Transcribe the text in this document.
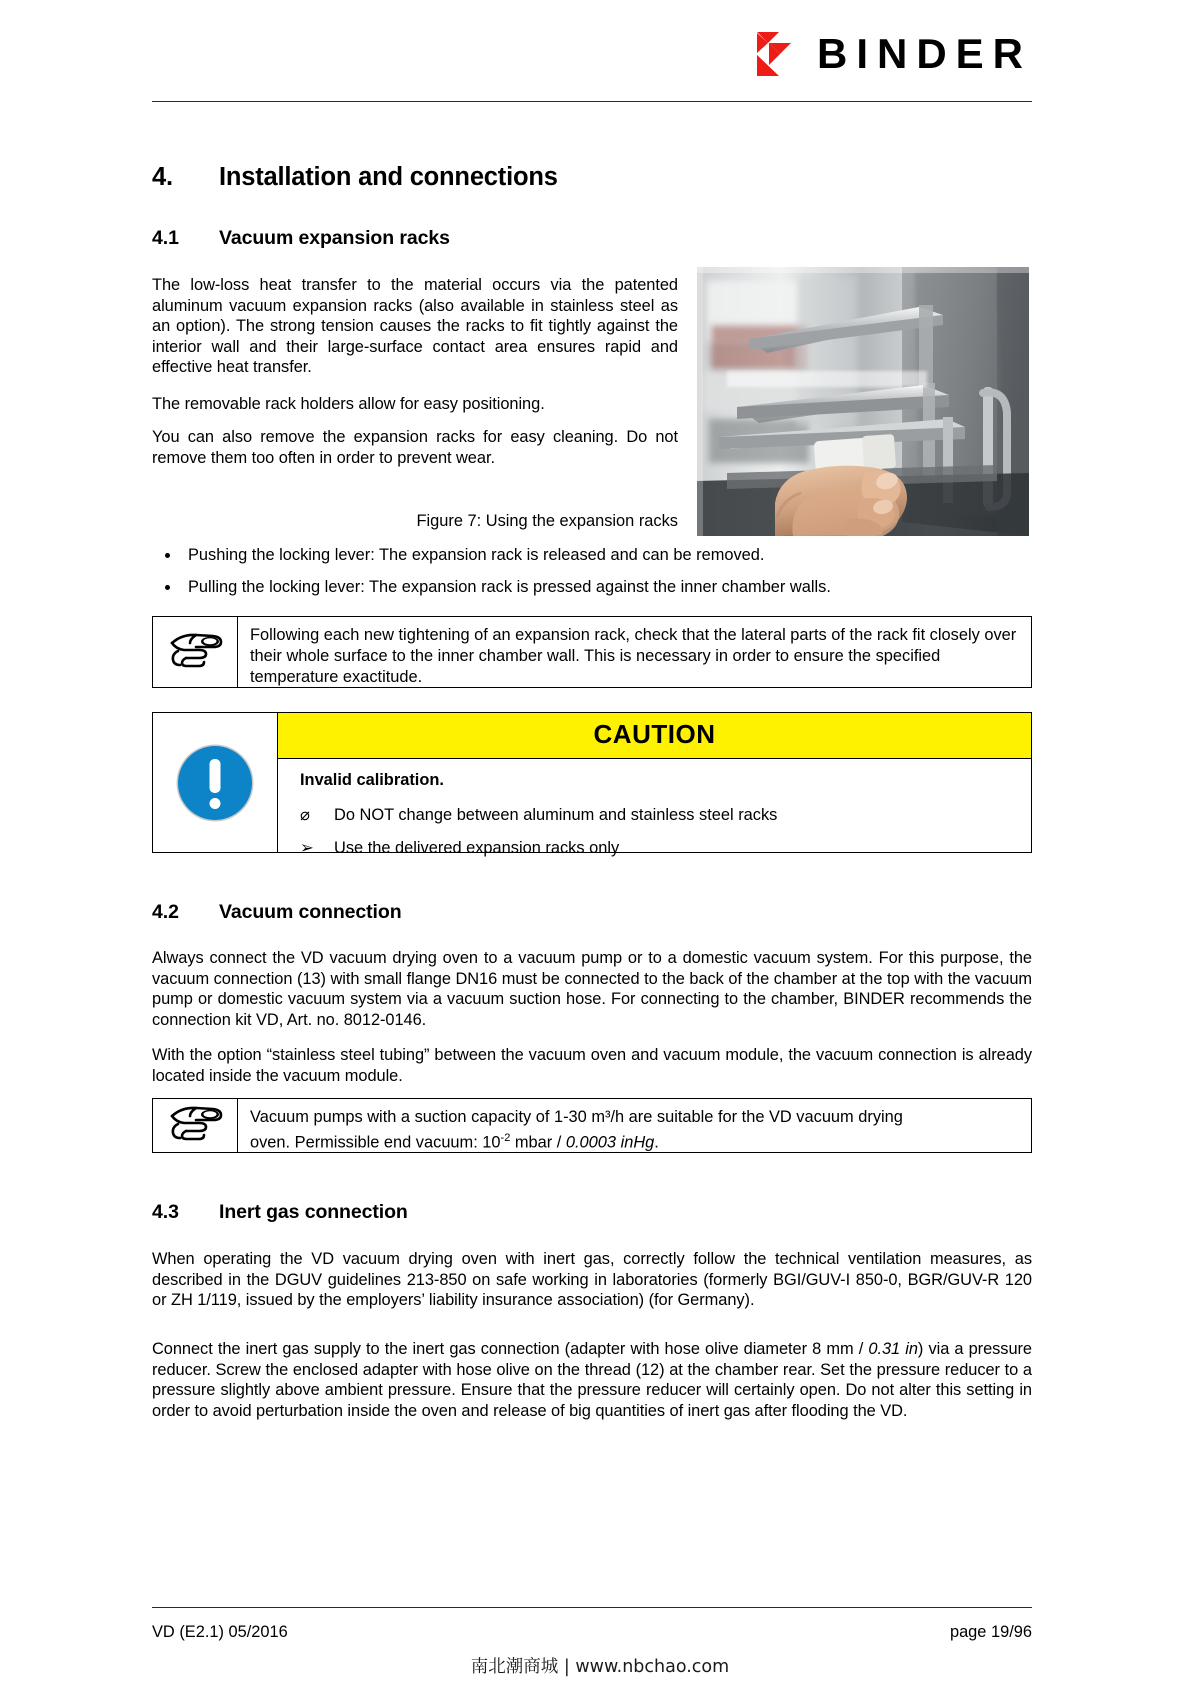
BINDER
4. Installation and connections
4.1 Vacuum expansion racks

The low-loss heat transfer to the material occurs via the patented aluminum vacuum expansion racks (also available in stainless steel as an option). The strong tension causes the racks to fit tightly against the interior wall and their large-surface contact area ensures rapid and effective heat transfer.

The removable rack holders allow for easy positioning.

You can also remove the expansion racks for easy cleaning. Do not remove them too often in order to prevent wear.

Figure 7: Using the expansion racks

Pushing the locking lever: The expansion rack is released and can be removed.
Pulling the locking lever: The expansion rack is pressed against the inner chamber walls.
Following each new tightening of an expansion rack, check that the lateral parts of the rack fit closely over their whole surface to the inner chamber wall. This is necessary in order to ensure the specified temperature exactitude.
CAUTION

Invalid calibration.

⌀ Do NOT change between aluminum and stainless steel racks

➢ Use the delivered expansion racks only

4.2 Vacuum connection

Always connect the VD vacuum drying oven to a vacuum pump or to a domestic vacuum system. For this purpose, the vacuum connection (13) with small flange DN16 must be connected to the back of the chamber at the top with the vacuum pump or domestic vacuum system via a vacuum suction hose. For connecting to the chamber, BINDER recommends the connection kit VD, Art. no. 8012-0146.

With the option “stainless steel tubing” between the vacuum oven and vacuum module, the vacuum connection is already located inside the vacuum module.

Vacuum pumps with a suction capacity of 1-30 m³/h are suitable for the VD vacuum drying
oven. Permissible end vacuum: $10^{-2}$ mbar / 0.0003 inHg.
4.3 Inert gas connection

When operating the VD vacuum drying oven with inert gas, correctly follow the technical ventilation measures, as described in the DGUV guidelines 213-850 on safe working in laboratories (formerly BGI/GUV-I 850-0, BGR/GUV-R 120 or ZH 1/119, issued by the employers’ liability insurance association) (for Germany).

Connect the inert gas supply to the inert gas connection (adapter with hose olive diameter 8 mm / 0.31 in) via a pressure reducer. Screw the enclosed adapter with hose olive on the thread (12) at the chamber rear. Set the pressure reducer to a pressure slightly above ambient pressure. Ensure that the pressure reducer will certainly open. Do not alter this setting in order to avoid perturbation inside the oven and release of big quantities of inert gas after flooding the VD.

VD (E2.1) 05/2016	page 19/96
南北潮商城 | www.nbchao.com
